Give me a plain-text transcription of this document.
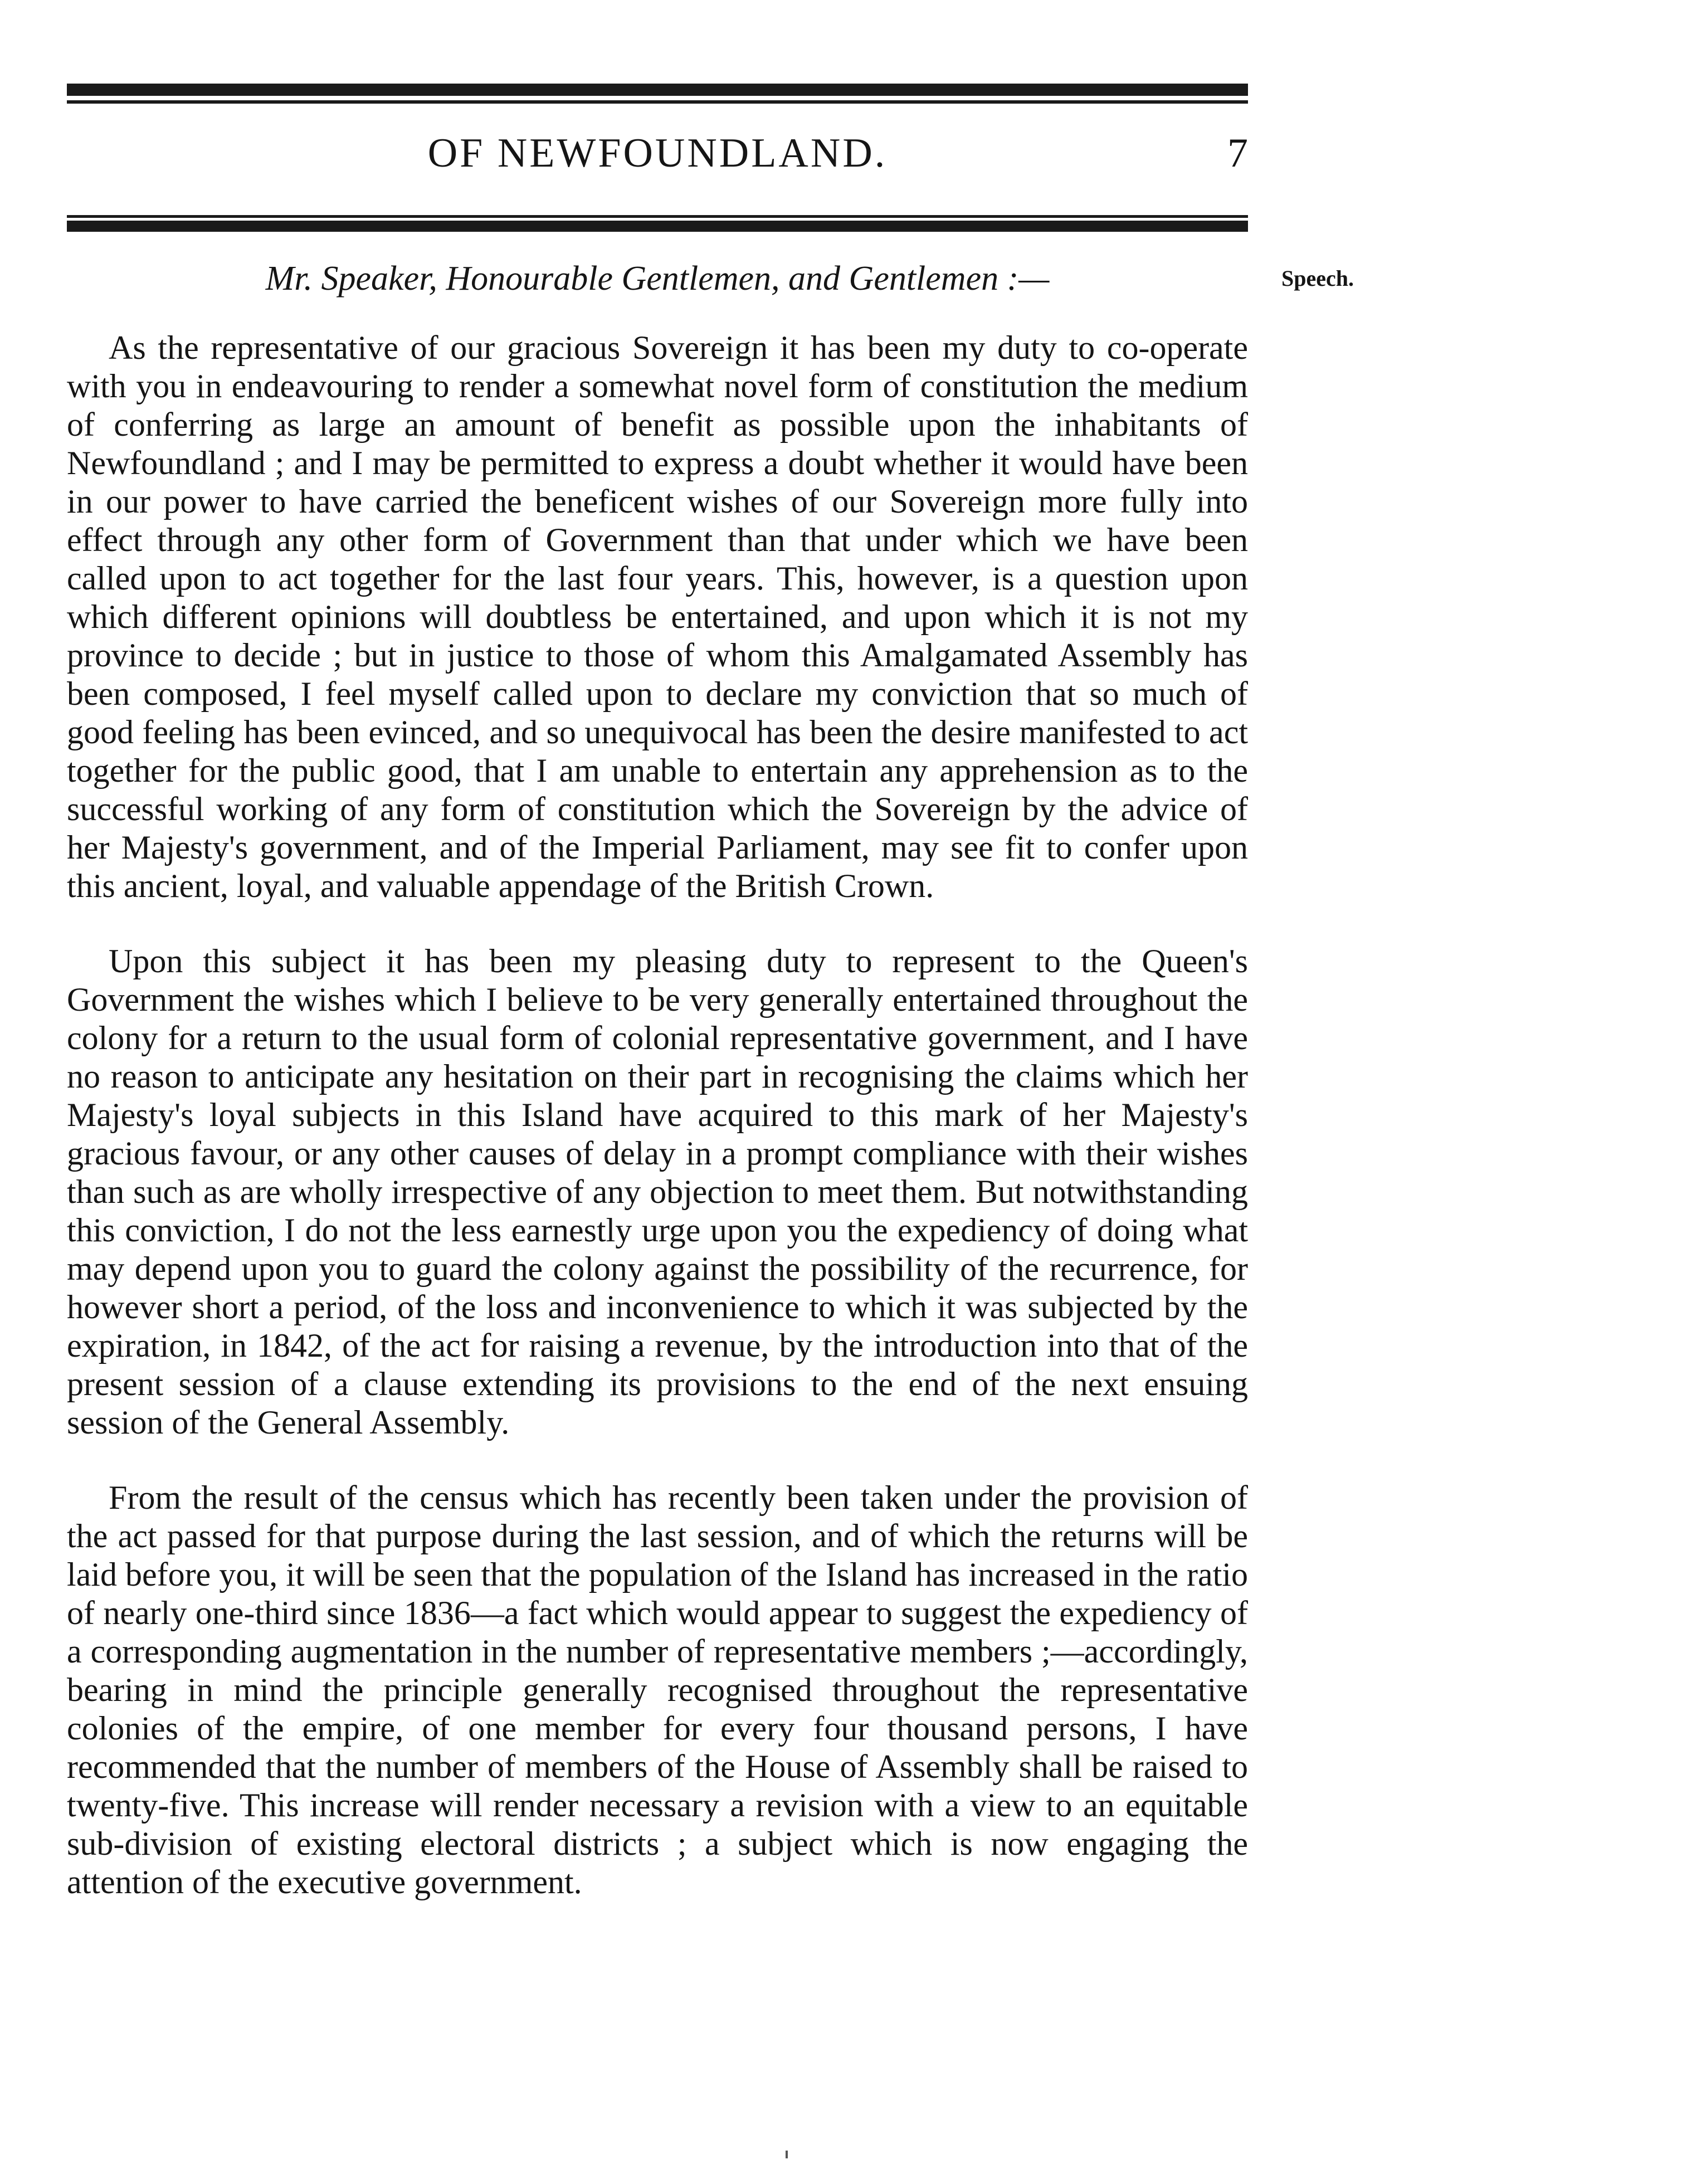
OF NEWFOUNDLAND.	7
Speech.
Mr. Speaker, Honourable Gentlemen, and Gentlemen :—

As the representative of our gracious Sovereign it has been my duty to co-operate with you in endeavouring to render a somewhat novel form of constitution the medium of conferring as large an amount of benefit as possible upon the inhabitants of Newfoundland ; and I may be permitted to express a doubt whether it would have been in our power to have carried the beneficent wishes of our Sovereign more fully into effect through any other form of Government than that under which we have been called upon to act together for the last four years. This, however, is a question upon which different opinions will doubtless be entertained, and upon which it is not my province to decide ; but in justice to those of whom this Amalgamated Assembly has been composed, I feel myself called upon to declare my conviction that so much of good feeling has been evinced, and so unequivocal has been the desire manifested to act together for the public good, that I am unable to entertain any apprehension as to the successful working of any form of constitution which the Sovereign by the advice of her Majesty's government, and of the Imperial Parliament, may see fit to confer upon this ancient, loyal, and valuable appendage of the British Crown.

Upon this subject it has been my pleasing duty to represent to the Queen's Government the wishes which I believe to be very generally entertained throughout the colony for a return to the usual form of colonial representative government, and I have no reason to anticipate any hesitation on their part in recognising the claims which her Majesty's loyal subjects in this Island have acquired to this mark of her Majesty's gracious favour, or any other causes of delay in a prompt compliance with their wishes than such as are wholly irrespective of any objection to meet them. But notwithstanding this conviction, I do not the less earnestly urge upon you the expediency of doing what may depend upon you to guard the colony against the possibility of the recurrence, for however short a period, of the loss and inconvenience to which it was subjected by the expiration, in 1842, of the act for raising a revenue, by the introduction into that of the present session of a clause extending its provisions to the end of the next ensuing session of the General Assembly.

From the result of the census which has recently been taken under the provision of the act passed for that purpose during the last session, and of which the returns will be laid before you, it will be seen that the population of the Island has increased in the ratio of nearly one-third since 1836—a fact which would appear to suggest the expediency of a corresponding augmentation in the number of representative members ;—accordingly, bearing in mind the principle generally recognised throughout the representative colonies of the empire, of one member for every four thousand persons, I have recommended that the number of members of the House of Assembly shall be raised to twenty-five. This increase will render necessary a revision with a view to an equitable sub-division of existing electoral districts ; a subject which is now engaging the attention of the executive government.
